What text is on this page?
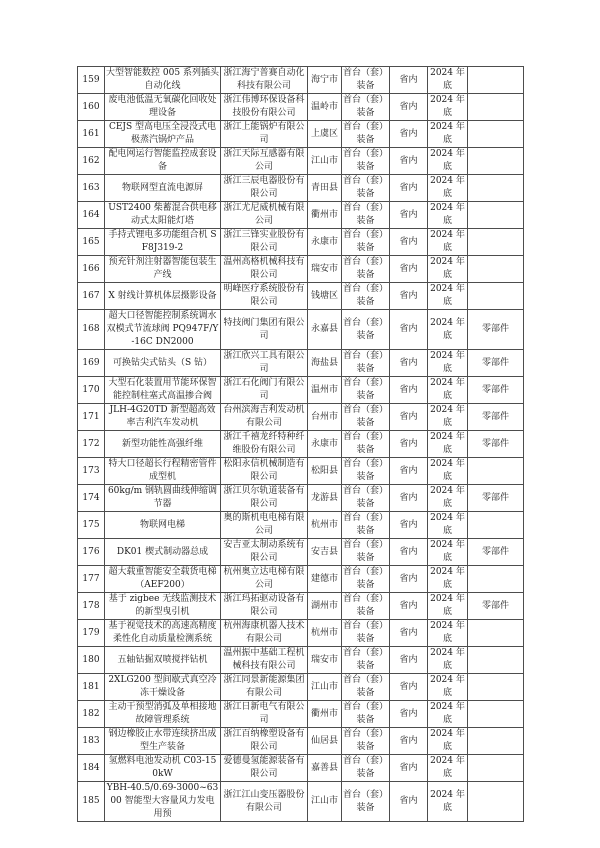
159	大型智能数控 005 系列插头自动化线	浙江海宁普赛自动化科技有限公司	海宁市	首台（套）装备	省内	2024 年底	
160	废电池低温无氧碳化回收处理设备	浙江伟博环保设备科技股份有限公司	温岭市	首台（套）装备	省内	2024 年底	
161	CEJS 型高电压全浸没式电极蒸汽锅炉产品	浙江上能锅炉有限公司	上虞区	首台（套）装备	省内	2024 年底	
162	配电网运行智能监控成套设备	浙江天际互感器有限公司	江山市	首台（套）装备	省内	2024 年底	
163	物联网型直流电源屏	浙江三辰电器股份有限公司	青田县	首台（套）装备	省内	2024 年底	
164	UST2400 柴蓄混合供电移动式太阳能灯塔	浙江尤尼威机械有限公司	衢州市	首台（套）装备	省内	2024 年底	
165	手持式锂电多功能组合机 SF8J319-2	浙江三锋实业股份有限公司	永康市	首台（套）装备	省内	2024 年底	
166	预充针剂注射器智能包装生产线	温州高格机械科技有限公司	瑞安市	首台（套）装备	省内	2024 年底	
167	X 射线计算机体层摄影设备	明峰医疗系统股份有限公司	钱塘区	首台（套）装备	省内	2024 年底	
168	超大口径智能控制系统调水双模式节流球阀 PQ947F/Y-16C DN2000	特技阀门集团有限公司	永嘉县	首台（套）装备	省内	2024 年底	零部件
169	可换钻尖式钻头（S 钻）	浙江欣兴工具有限公司	海盐县	首台（套）装备	省内	2024 年底	零部件
170	大型石化装置用节能环保智能控制柱塞式高温掺合阀	浙江石化阀门有限公司	温州市	首台（套）装备	省内	2024 年底	零部件
171	JLH-4G20TD 新型超高效率吉利汽车发动机	台州滨海吉利发动机有限公司	台州市	首台（套）装备	省内	2024 年底	零部件
172	新型功能性高强纤维	浙江千禧龙纤特种纤维股份有限公司	永康市	首台（套）装备	省内	2024 年底	零部件
173	特大口径超长行程精密管件成型机	松阳永信机械制造有限公司	松阳县	首台（套）装备	省内	2024 年底	
174	60kg/m 钢轨圆曲线伸缩调节器	浙江贝尔轨道装备有限公司	龙游县	首台（套）装备	省内	2024 年底	零部件
175	物联网电梯	奥的斯机电电梯有限公司	杭州市	首台（套）装备	省内	2024 年底	
176	DK01 楔式制动器总成	安吉亚太制动系统有限公司	安吉县	首台（套）装备	省内	2024 年底	零部件
177	超大载重智能安全载货电梯（AEF200）	杭州奥立达电梯有限公司	建德市	首台（套）装备	省内	2024 年底	
178	基于 zigbee 无线监测技术的新型曳引机	浙江玛拓驱动设备有限公司	湖州市	首台（套）装备	省内	2024 年底	零部件
179	基于视觉技术的高速高精度柔性化自动质量检测系统	杭州海康机器人技术有限公司	杭州市	首台（套）装备	省内	2024 年底	
180	五轴钻掘双喷搅拌钻机	温州振中基础工程机械科技有限公司	瑞安市	首台（套）装备	省内	2024 年底	
181	2XLG200 型间歇式真空冷冻干燥设备	浙江同景新能源集团有限公司	江山市	首台（套）装备	省内	2024 年底	
182	主动干预型消弧及单相接地故障管理系统	浙江日新电气有限公司	衢州市	首台（套）装备	省内	2024 年底	
183	钢边橡胶止水带连续挤出成型生产装备	浙江百纳橡塑设备有限公司	仙居县	首台（套）装备	省内	2024 年底	
184	氢燃料电池发动机 C03-150kW	爱德曼氢能源装备有限公司	嘉善县	首台（套）装备	省内	2024 年底	
185	YBH-40.5/0.69-3000~6300 智能型大容量风力发电用预	浙江江山变压器股份有限公司	江山市	首台（套）装备	省内	2024 年底	
